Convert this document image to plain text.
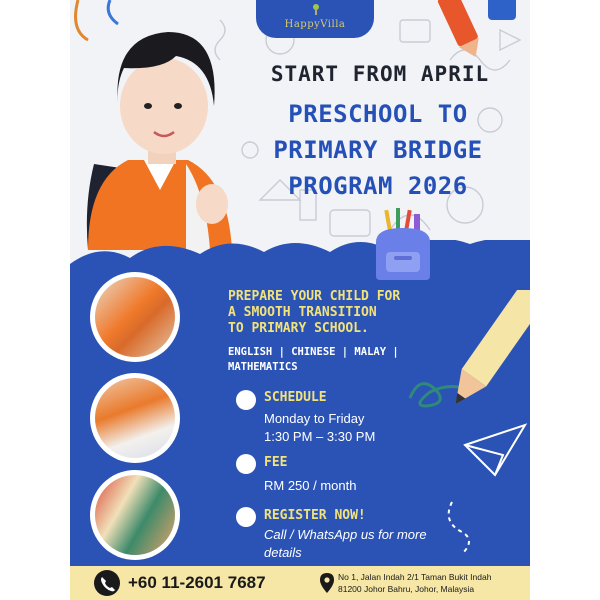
HappyVilla
START FROM APRIL
PRESCHOOL TO
PRIMARY BRIDGE
PROGRAM 2026
PREPARE YOUR CHILD FOR
A SMOOTH TRANSITION
TO PRIMARY SCHOOL.
ENGLISH | CHINESE | MALAY |
MATHEMATICS
SCHEDULE
Monday to Friday
1:30 PM – 3:30 PM
FEE
RM 250 / month
REGISTER NOW!
Call / WhatsApp us for more
details
+60 11-2601 7687	No 1, Jalan Indah 2/1 Taman Bukit Indah
81200 Johor Bahru, Johor, Malaysia
